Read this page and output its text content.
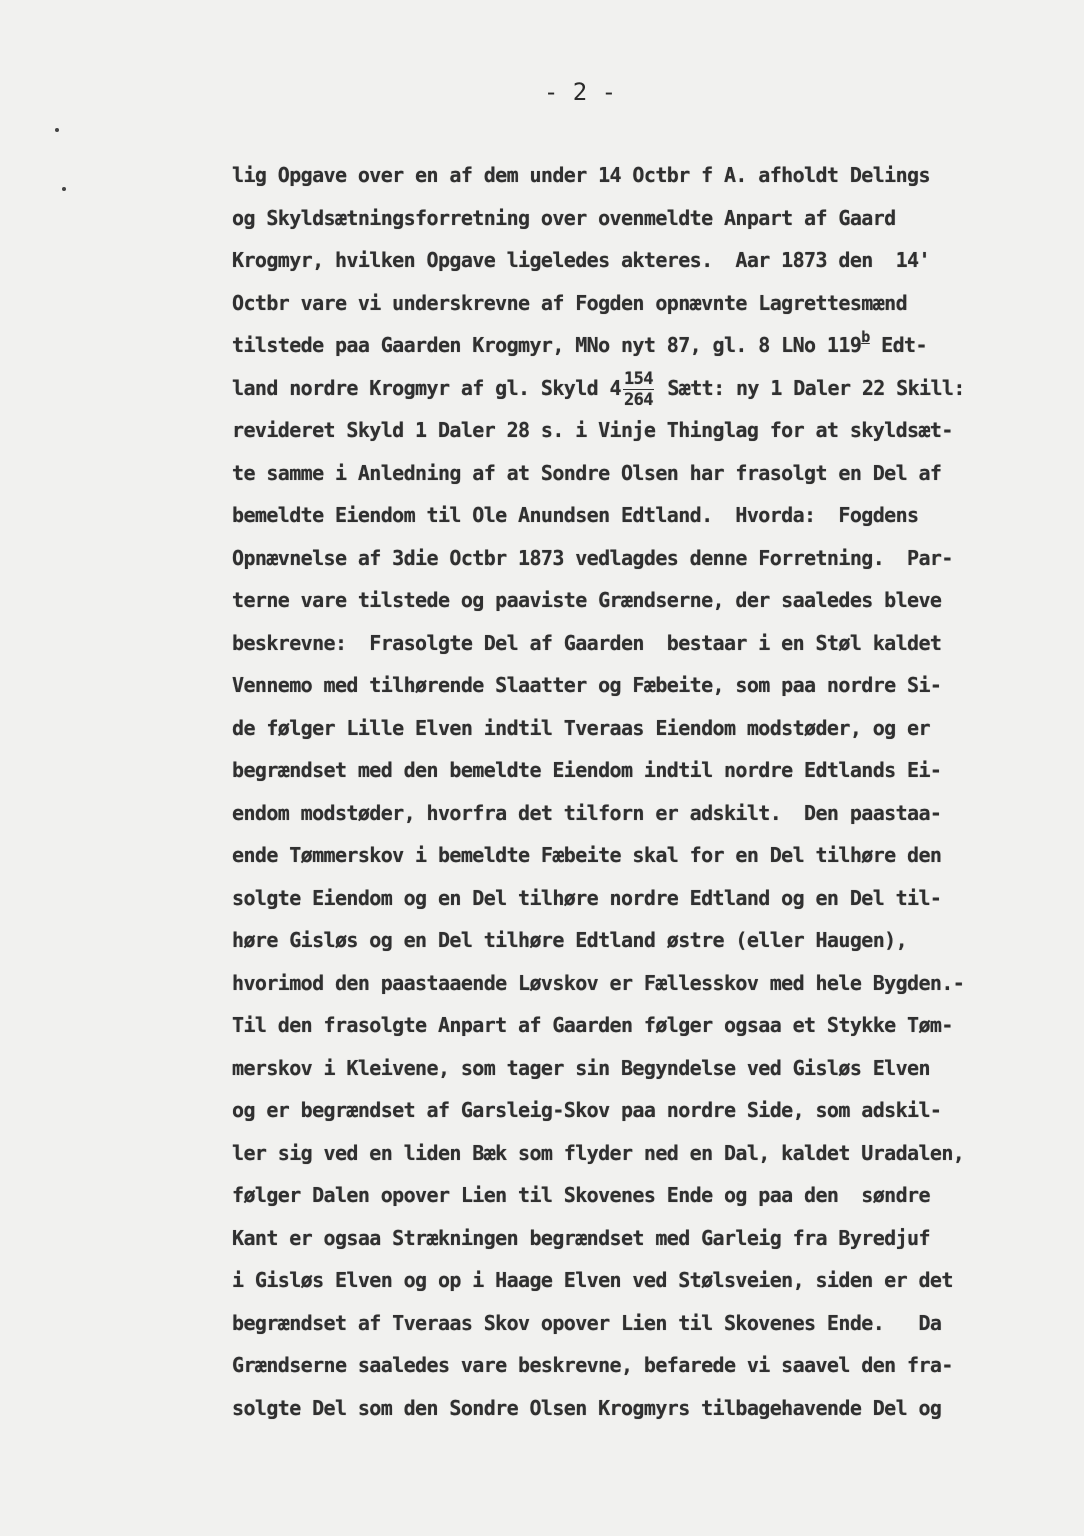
- 2 -
lig Opgave over en af dem under 14 Octbr f A. afholdt Delings
og Skyldsætningsforretning over ovenmeldte Anpart af Gaard
Krogmyr, hvilken Opgave ligeledes akteres.  Aar 1873 den  14'
Octbr vare vi underskrevne af Fogden opnævnte Lagrettesmænd
tilstede paa Gaarden Krogmyr, MNo nyt 87, gl. 8 LNo 119$^b$ Edt-
land nordre Krogmyr af gl. Skyld $4 \frac{154}{264}$ Sætt: ny 1 Daler 22 Skill:
revideret Skyld 1 Daler 28 s. i Vinje Thinglag for at skyldsæt-
te samme i Anledning af at Sondre Olsen har frasolgt en Del af
bemeldte Eiendom til Ole Anundsen Edtland.  Hvorda:  Fogdens
Opnævnelse af 3die Octbr 1873 vedlagdes denne Forretning.  Par-
terne vare tilstede og paaviste Grændserne, der saaledes bleve
beskrevne:  Frasolgte Del af Gaarden  bestaar i en Støl kaldet
Vennemo med tilhørende Slaatter og Fæbeite, som paa nordre Si-
de følger Lille Elven indtil Tveraas Eiendom modstøder, og er
begrændset med den bemeldte Eiendom indtil nordre Edtlands Ei-
endom modstøder, hvorfra det tilforn er adskilt.  Den paastaa-
ende Tømmerskov i bemeldte Fæbeite skal for en Del tilhøre den
solgte Eiendom og en Del tilhøre nordre Edtland og en Del til-
høre Gisløs og en Del tilhøre Edtland østre (eller Haugen),
hvorimod den paastaaende Løvskov er Fællesskov med hele Bygden.-
Til den frasolgte Anpart af Gaarden følger ogsaa et Stykke Tøm-
merskov i Kleivene, som tager sin Begyndelse ved Gisløs Elven
og er begrændset af Garsleig-Skov paa nordre Side, som adskil-
ler sig ved en liden Bæk som flyder ned en Dal, kaldet Uradalen,
følger Dalen opover Lien til Skovenes Ende og paa den  søndre
Kant er ogsaa Strækningen begrændset med Garleig fra Byredjuf
i Gisløs Elven og op i Haage Elven ved Stølsveien, siden er det
begrændset af Tveraas Skov opover Lien til Skovenes Ende.   Da
Grændserne saaledes vare beskrevne, befarede vi saavel den fra-
solgte Del som den Sondre Olsen Krogmyrs tilbagehavende Del og
